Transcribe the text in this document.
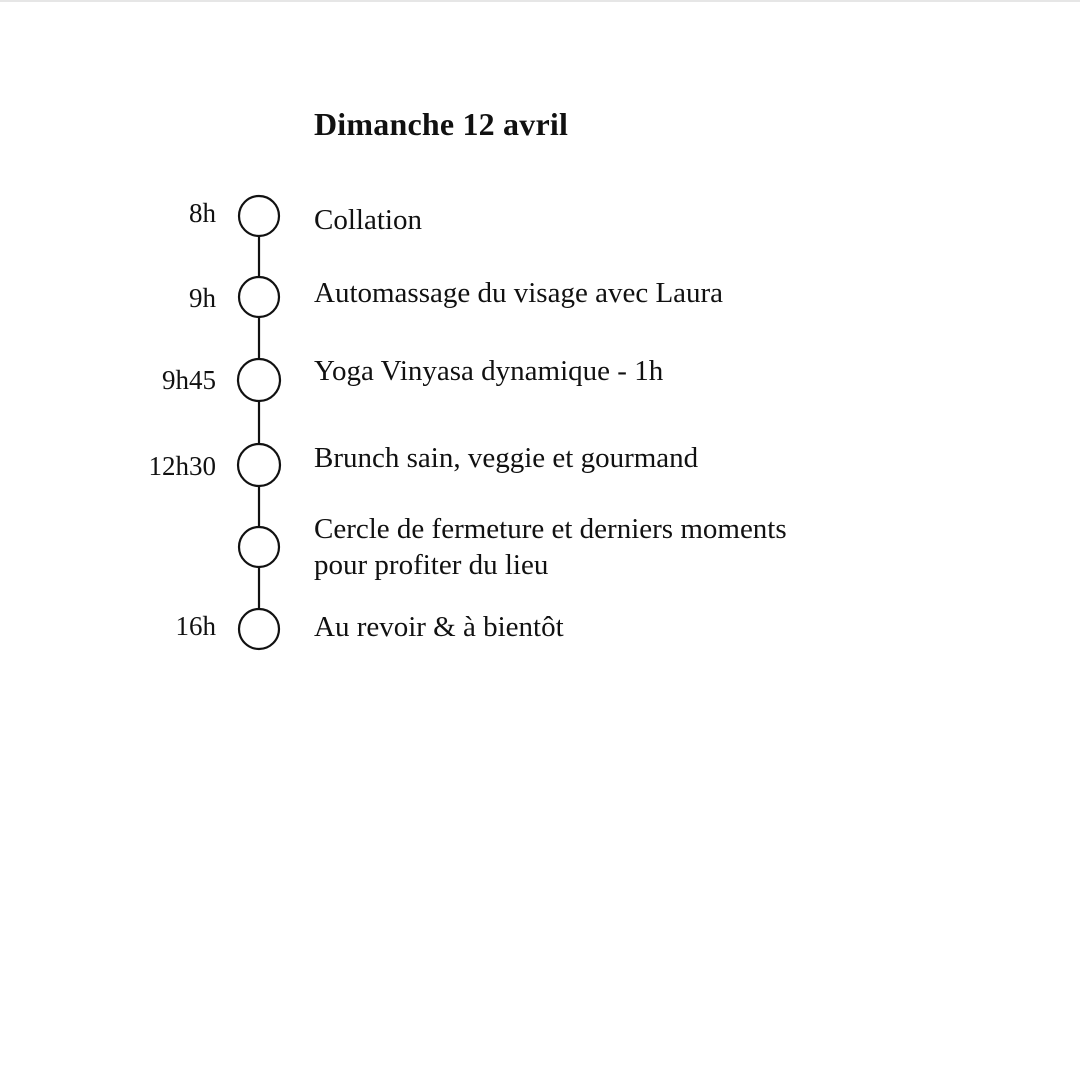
Dimanche 12 avril
8h
9h
9h45
12h30
16h
Collation
Automassage du visage avec Laura
Yoga Vinyasa dynamique - 1h
Brunch sain, veggie et gourmand
Cercle de fermeture et derniers moments
pour profiter du lieu
Au revoir & à bientôt
